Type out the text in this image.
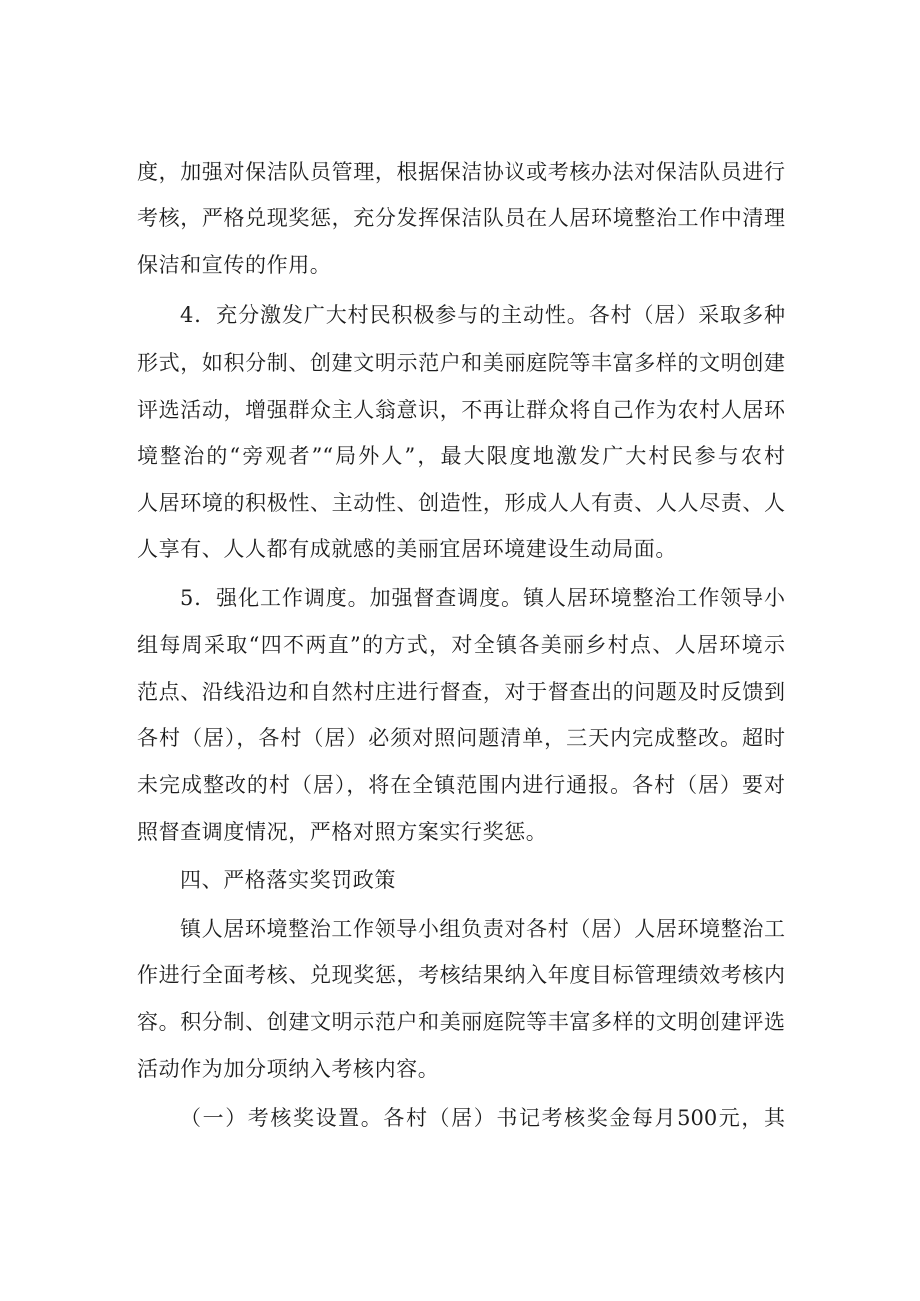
度，加强对保洁队员管理，根据保洁协议或考核办法对保洁队员进行
考核，严格兑现奖惩，充分发挥保洁队员在人居环境整治工作中清理
保洁和宣传的作用。
4．充分激发广大村民积极参与的主动性。各村（居）采取多种
形式，如积分制、创建文明示范户和美丽庭院等丰富多样的文明创建
评选活动，增强群众主人翁意识，不再让群众将自己作为农村人居环
境整治的“旁观者”“局外人”，最大限度地激发广大村民参与农村
人居环境的积极性、主动性、创造性，形成人人有责、人人尽责、人
人享有、人人都有成就感的美丽宜居环境建设生动局面。
5．强化工作调度。加强督查调度。镇人居环境整治工作领导小
组每周采取“四不两直”的方式，对全镇各美丽乡村点、人居环境示
范点、沿线沿边和自然村庄进行督查，对于督查出的问题及时反馈到
各村（居），各村（居）必须对照问题清单，三天内完成整改。超时
未完成整改的村（居），将在全镇范围内进行通报。各村（居）要对
照督查调度情况，严格对照方案实行奖惩。
四、严格落实奖罚政策
镇人居环境整治工作领导小组负责对各村（居）人居环境整治工
作进行全面考核、兑现奖惩，考核结果纳入年度目标管理绩效考核内
容。积分制、创建文明示范户和美丽庭院等丰富多样的文明创建评选
活动作为加分项纳入考核内容。
（一）考核奖设置。各村（居）书记考核奖金每月500元，其
